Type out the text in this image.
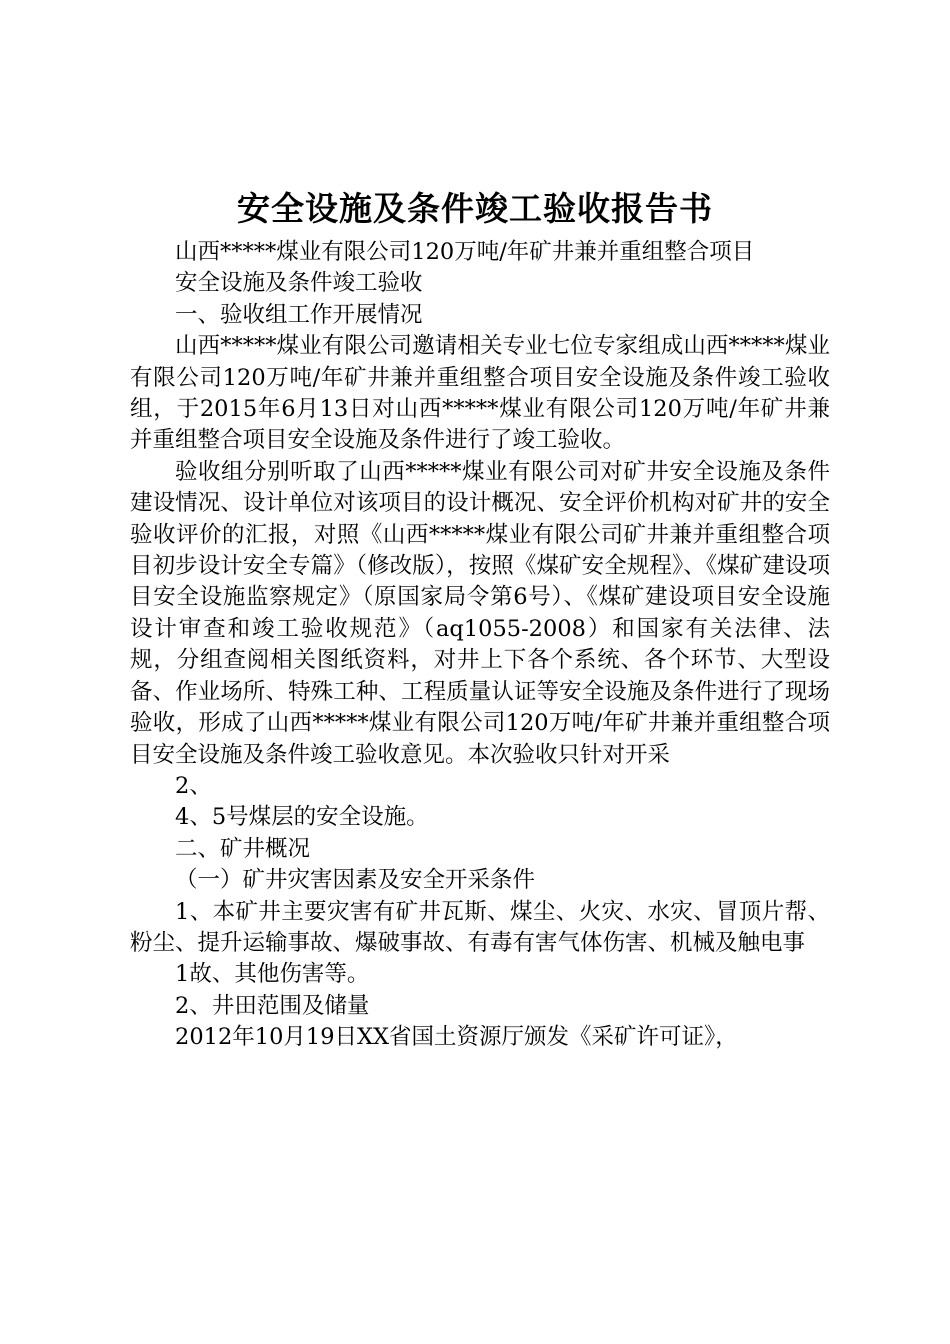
安全设施及条件竣工验收报告书

山西*****煤业有限公司120万吨/年矿井兼并重组整合项目

安全设施及条件竣工验收

一、验收组工作开展情况

山西*****煤业有限公司邀请相关专业七位专家组成山西*****煤业有限公司120万吨/年矿井兼并重组整合项目安全设施及条件竣工验收组，于2015年6月13日对山西*****煤业有限公司120万吨/年矿井兼并重组整合项目安全设施及条件进行了竣工验收。

验收组分别听取了山西*****煤业有限公司对矿井安全设施及条件建设情况、设计单位对该项目的设计概况、安全评价机构对矿井的安全验收评价的汇报，对照《山西*****煤业有限公司矿井兼并重组整合项目初步设计安全专篇》（修改版），按照《煤矿安全规程》、《煤矿建设项目安全设施监察规定》（原国家局令第6号）、《煤矿建设项目安全设施设计审查和竣工验收规范》（aq1055-2008）和国家有关法律、法规，分组查阅相关图纸资料，对井上下各个系统、各个环节、大型设备、作业场所、特殊工种、工程质量认证等安全设施及条件进行了现场验收，形成了山西*****煤业有限公司120万吨/年矿井兼并重组整合项目安全设施及条件竣工验收意见。本次验收只针对开采

2、

4、5号煤层的安全设施。

二、矿井概况

（一）矿井灾害因素及安全开采条件

1、本矿井主要灾害有矿井瓦斯、煤尘、火灾、水灾、冒顶片帮、粉尘、提升运输事故、爆破事故、有毒有害气体伤害、机械及触电事

1故、其他伤害等。

2、井田范围及储量

2012年10月19日XX省国土资源厅颁发《采矿许可证》，
